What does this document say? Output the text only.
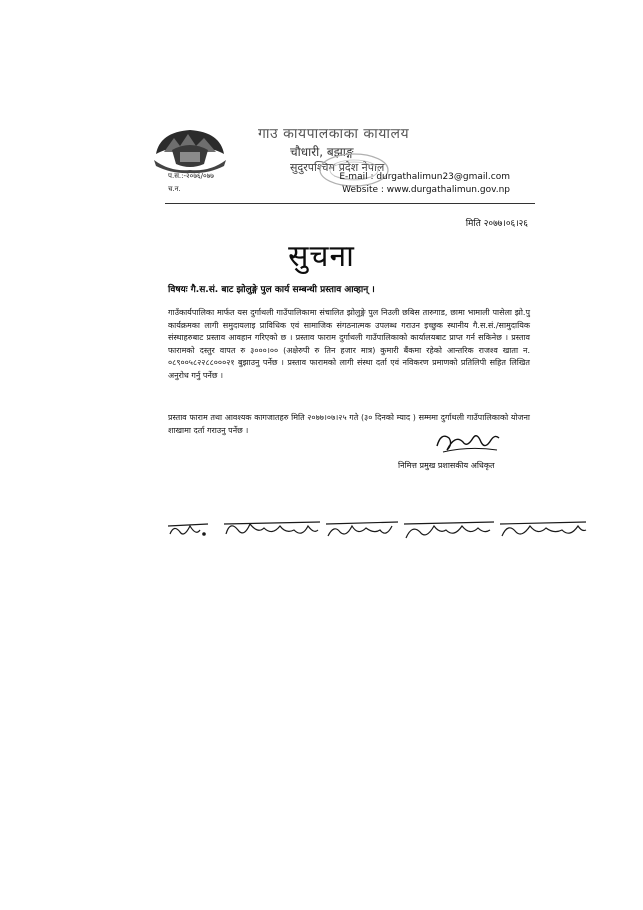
गाउ कायपालकाका कायालय
चौधारी, बझाङ्ग
सुदुरपश्चिम प्रदेश नेपाल
E-mail : durgathalimun23@gmail.com
Website : www.durgathalimun.gov.np
प.स.:-२०७६/०७७
च.न.
मिति २०७७।०६।२६
सुचना
विषयः गै.स.सं. बाट झोलुङ्गे पुल कार्य सम्बन्धी प्रस्ताव आव्हान् ।

गाउँकार्यपालिका मार्फत यस दुर्गाथली गाउँपालिकामा संचालित झोलुङ्गे पुल निउली छबिस तारुगाड, छामा भामाली पासेला झो.पु कार्यक्रमका लागी समुदायलाइ प्राविधिक एवं सामाजिक संगठनात्मक उपलब्ध गराउन इच्छुक स्थानीय गै.स.सं./सामुदायिक संस्थाहरुबाट प्रस्ताव आवहान गरिएको छ । प्रस्ताव फाराम दुर्गाथली गाउँपालिकाको कार्यालयबाट प्राप्त गर्न सकिनेछ । प्रस्ताव फारामको दस्तुर वापत रु ३०००।०० (अक्षेरुपी रु तिन हजार मात्र) कुमारी बैंकमा रहेको आन्तरिक राजश्व खाता न. ०८९००५८२२८८०००२१ बुझाउनु पर्नेछ । प्रस्ताव फारामको लागी संस्था दर्ता एवं नविकरण प्रमाणको प्रतिलिपी सहित लिखित अनुरोध गर्नु पर्नेछ ।

प्रस्ताव फाराम तथा आवश्यक कागजातहरु मिति २०७७।०७।२५ गते (३० दिनको म्याद ) सम्ममा दुर्गाथली गाउँपालिकाको योजना शाखामा दर्ता गराउनु पर्नेछ ।

निमित्त प्रमुख प्रशासकीय अधिकृत
